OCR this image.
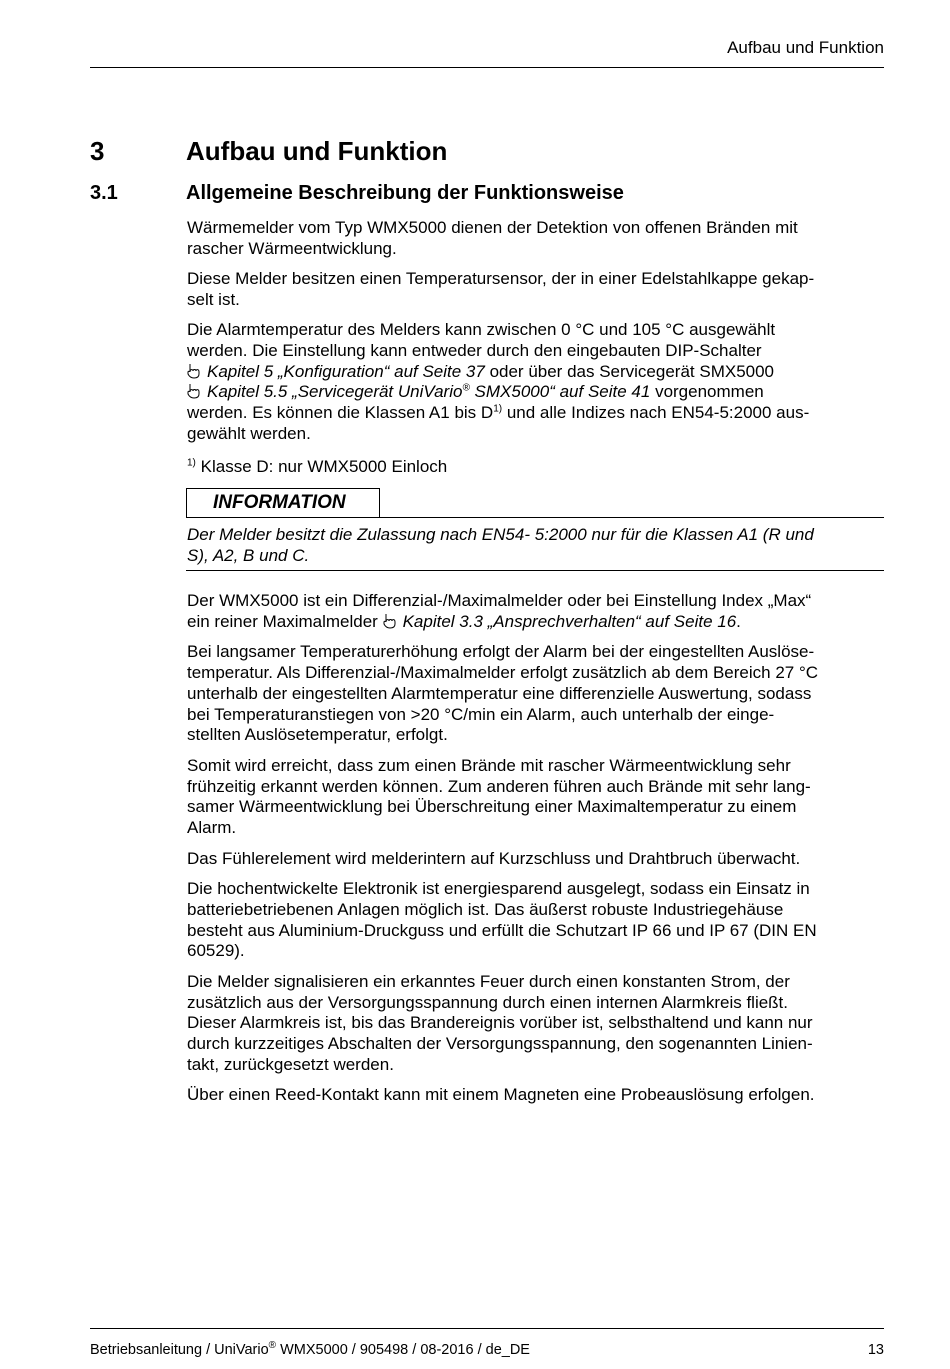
Aufbau und Funktion
3	Aufbau und Funktion
3.1	Allgemeine Beschreibung der Funktionsweise

Wärmemelder vom Typ WMX5000 dienen der Detektion von offenen Bränden mit
rascher Wärmeentwicklung.

Diese Melder besitzen einen Temperatursensor, der in einer Edelstahlkappe gekap-
selt ist.

Die Alarmtemperatur des Melders kann zwischen 0 °C und 105 °C ausgewählt
werden. Die Einstellung kann entweder durch den eingebauten DIP-Schalter
Kapitel 5 „Konfiguration“ auf Seite 37 oder über das Servicegerät SMX5000
Kapitel 5.5 „Servicegerät UniVario® SMX5000“ auf Seite 41 vorgenommen
werden. Es können die Klassen A1 bis $D^{1)}$ und alle Indizes nach EN54-5:2000 aus-
gewählt werden.

$^{1)}$ Klasse D: nur WMX5000 Einloch

INFORMATION
Der Melder besitzt die Zulassung nach EN54- 5:2000 nur für die Klassen A1 (R und
S), A2, B und C.

Der WMX5000 ist ein Differenzial-/Maximalmelder oder bei Einstellung Index „Max“
ein reiner Maximalmelder Kapitel 3.3 „Ansprechverhalten“ auf Seite 16.

Bei langsamer Temperaturerhöhung erfolgt der Alarm bei der eingestellten Auslöse-
temperatur. Als Differenzial-/Maximalmelder erfolgt zusätzlich ab dem Bereich 27 °C
unterhalb der eingestellten Alarmtemperatur eine differenzielle Auswertung, sodass
bei Temperaturanstiegen von >20 °C/min ein Alarm, auch unterhalb der einge-
stellten Auslösetemperatur, erfolgt.

Somit wird erreicht, dass zum einen Brände mit rascher Wärmeentwicklung sehr
frühzeitig erkannt werden können. Zum anderen führen auch Brände mit sehr lang-
samer Wärmeentwicklung bei Überschreitung einer Maximaltemperatur zu einem
Alarm.

Das Fühlerelement wird melderintern auf Kurzschluss und Drahtbruch überwacht.

Die hochentwickelte Elektronik ist energiesparend ausgelegt, sodass ein Einsatz in
batteriebetriebenen Anlagen möglich ist. Das äußerst robuste Industriegehäuse
besteht aus Aluminium-Druckguss und erfüllt die Schutzart IP 66 und IP 67 (DIN EN
60529).

Die Melder signalisieren ein erkanntes Feuer durch einen konstanten Strom, der
zusätzlich aus der Versorgungsspannung durch einen internen Alarmkreis fließt.
Dieser Alarmkreis ist, bis das Brandereignis vorüber ist, selbsthaltend und kann nur
durch kurzzeitiges Abschalten der Versorgungsspannung, den sogenannten Linien-
takt, zurückgesetzt werden.

Über einen Reed-Kontakt kann mit einem Magneten eine Probeauslösung erfolgen.

Betriebsanleitung / UniVario® WMX5000 / 905498 / 08-2016 / de_DE	13
